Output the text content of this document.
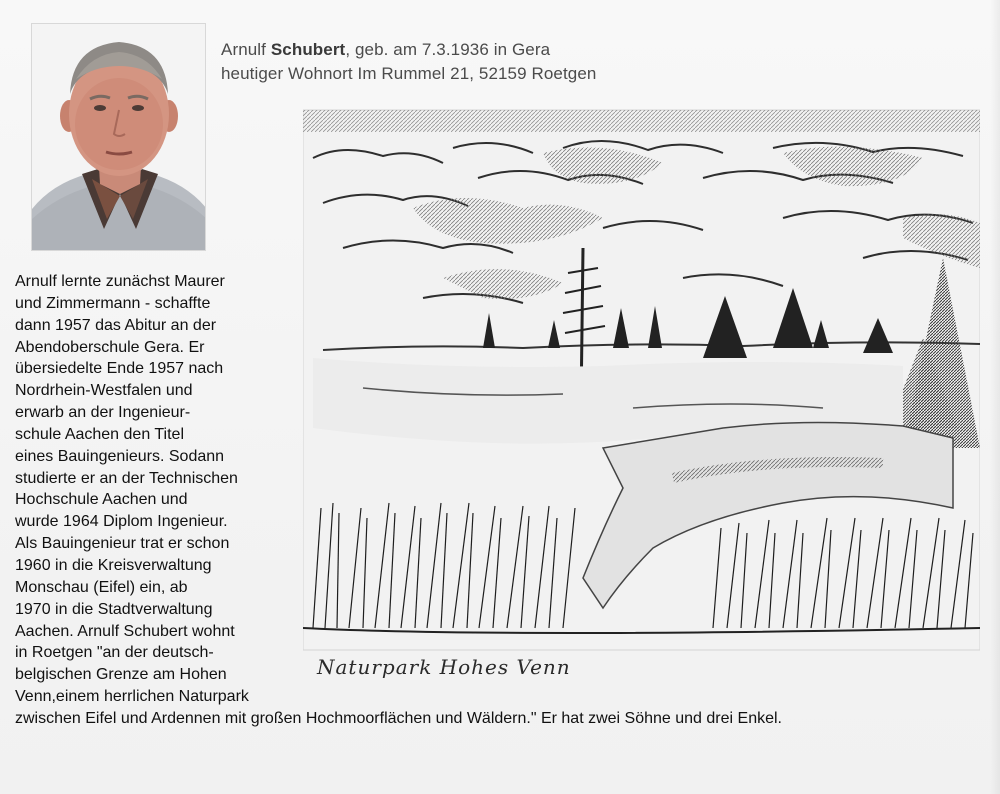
Arnulf Schubert, geb. am 7.3.1936 in Gera
heutiger Wohnort Im Rummel 21, 52159 Roetgen
Naturpark Hohes Venn
Arnulf lernte zunächst Maurer
und Zimmermann - schaffte
dann 1957 das Abitur an der
Abendoberschule Gera. Er
übersiedelte Ende 1957 nach
Nordrhein-Westfalen und
erwarb an der Ingenieur-
schule Aachen den Titel
eines Bauingenieurs. Sodann
studierte er an der Technischen
Hochschule Aachen und
wurde 1964 Diplom Ingenieur.
Als Bauingenieur trat er schon
1960 in die Kreisverwaltung
Monschau (Eifel) ein, ab
1970 in die Stadtverwaltung
Aachen. Arnulf Schubert wohnt
in Roetgen "an der deutsch-
belgischen Grenze am Hohen
Venn,einem herrlichen Naturpark
zwischen Eifel und Ardennen mit großen Hochmoorflächen und Wäldern." Er hat zwei Söhne und drei Enkel.
